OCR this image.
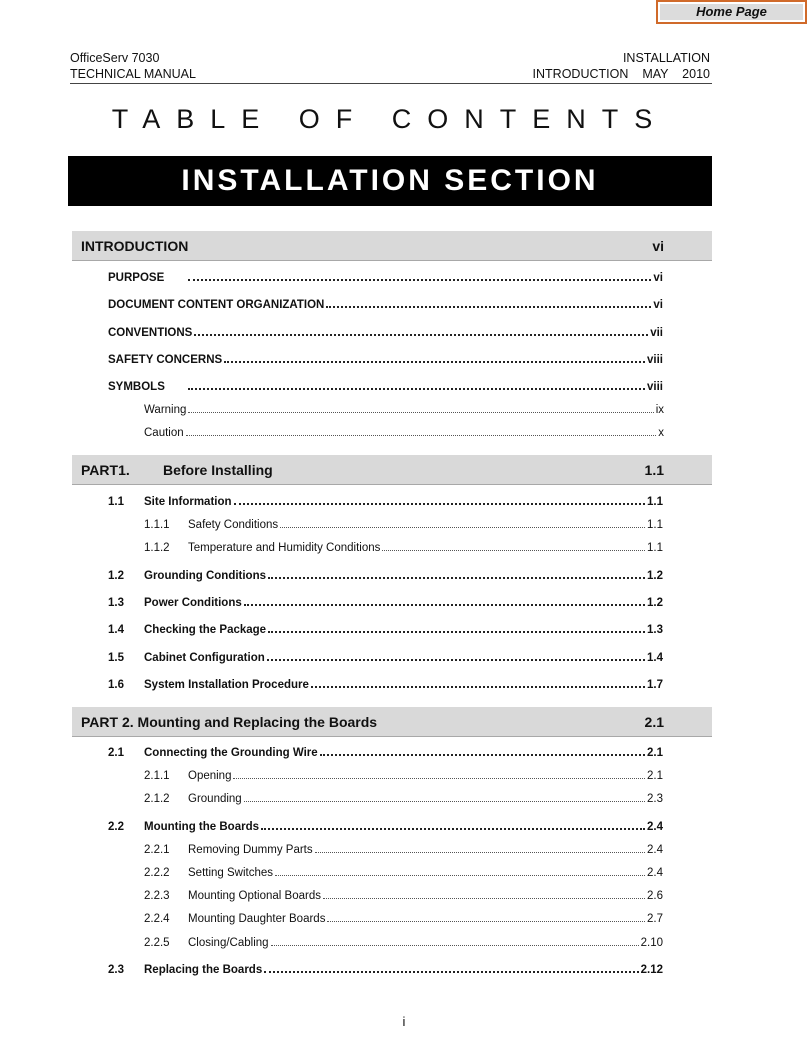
Home Page
OfficeServ 7030
TECHNICAL MANUAL
INSTALLATION
INTRODUCTION MAY    2010
TABLE OF CONTENTS
INSTALLATION SECTION
INTRODUCTION	vi
PURPOSE	vi
DOCUMENT CONTENT ORGANIZATION	vi
CONVENTIONS	vii
SAFETY CONCERNS	viii
SYMBOLS	viii
Warning	ix
Caution	x
PART1. Before Installing	1.1
1.1	Site Information	1.1
1.1.1	Safety Conditions	1.1
1.1.2	Temperature and Humidity Conditions	1.1
1.2	Grounding Conditions	1.2
1.3	Power Conditions	1.2
1.4	Checking the Package	1.3
1.5	Cabinet Configuration	1.4
1.6	System Installation Procedure	1.7
PART 2. Mounting and Replacing the Boards	2.1
2.1	Connecting the Grounding Wire	2.1
2.1.1	Opening	2.1
2.1.2	Grounding	2.3
2.2	Mounting the Boards	2.4
2.2.1	Removing Dummy Parts	2.4
2.2.2	Setting Switches	2.4
2.2.3	Mounting Optional Boards	2.6
2.2.4	Mounting Daughter Boards	2.7
2.2.5	Closing/Cabling	2.10
2.3	Replacing the Boards	2.12
i
